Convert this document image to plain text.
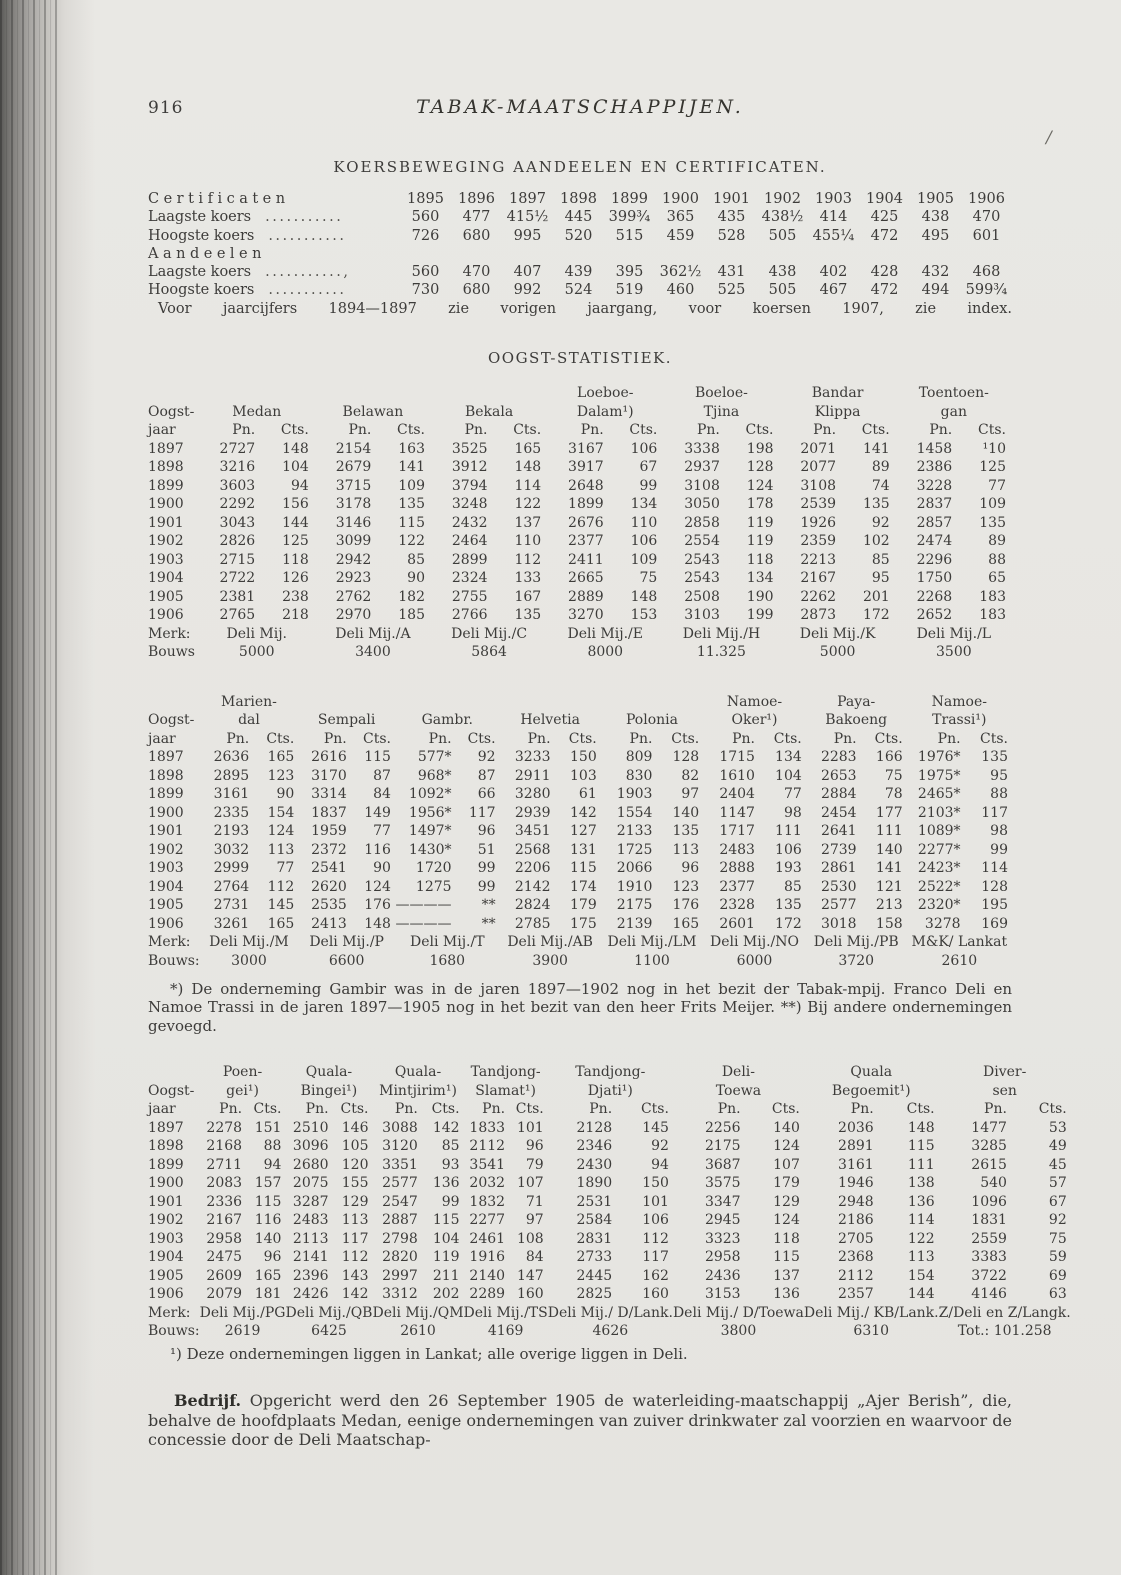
/
916	TABAK-MAATSCHAPPIJEN.
KOERSBEWEGING AANDEELEN EN CERTIFICATEN.
Certificaten	1895	1896	1897	1898	1899	1900	1901	1902	1903	1904	1905	1906
Laagste koers ...........	560	477	415½	445	399¾	365	435	438½	414	425	438	470
Hoogste koers ...........	726	680	995	520	515	459	528	505	455¼	472	495	601
Aandeelen												
Laagste koers ...........,	560	470	407	439	395	362½	431	438	402	428	432	468
Hoogste koers ...........	730	680	992	524	519	460	525	505	467	472	494	599¾
Voor jaarcijfers 1894—1897 zie vorigen jaargang, voor koersen 1907, zie index.
OOGST-STATISTIEK.
							Loeboe-		Boeloe-		Bandar		Toentoen-	
Oogst-	Medan		Belawan		Bekala		Dalam¹)		Tjina		Klippa		gan	
jaar	Pn.	Cts.	Pn.	Cts.	Pn.	Cts.	Pn.	Cts.	Pn.	Cts.	Pn.	Cts.	Pn.	Cts.
1897	2727	148	2154	163	3525	165	3167	106	3338	198	2071	141	1458	¹10
1898	3216	104	2679	141	3912	148	3917	67	2937	128	2077	89	2386	125
1899	3603	94	3715	109	3794	114	2648	99	3108	124	3108	74	3228	77
1900	2292	156	3178	135	3248	122	1899	134	3050	178	2539	135	2837	109
1901	3043	144	3146	115	2432	137	2676	110	2858	119	1926	92	2857	135
1902	2826	125	3099	122	2464	110	2377	106	2554	119	2359	102	2474	89
1903	2715	118	2942	85	2899	112	2411	109	2543	118	2213	85	2296	88
1904	2722	126	2923	90	2324	133	2665	75	2543	134	2167	95	1750	65
1905	2381	238	2762	182	2755	167	2889	148	2508	190	2262	201	2268	183
1906	2765	218	2970	185	2766	135	3270	153	3103	199	2873	172	2652	183
Merk:	Deli Mij.		Deli Mij./A		Deli Mij./C		Deli Mij./E		Deli Mij./H		Deli Mij./K		Deli Mij./L	
Bouws	5000		3400		5864		8000		11.325		5000		3500	
	Marien-										Namoe-		Paya-		Namoe-	
Oogst-	dal		Sempali		Gambr.		Helvetia		Polonia		Oker¹)		Bakoeng		Trassi¹)	
jaar	Pn.	Cts.	Pn.	Cts.	Pn.	Cts.	Pn.	Cts.	Pn.	Cts.	Pn.	Cts.	Pn.	Cts.	Pn.	Cts.
1897	2636	165	2616	115	577*	92	3233	150	809	128	1715	134	2283	166	1976*	135
1898	2895	123	3170	87	968*	87	2911	103	830	82	1610	104	2653	75	1975*	95
1899	3161	90	3314	84	1092*	66	3280	61	1903	97	2404	77	2884	78	2465*	88
1900	2335	154	1837	149	1956*	117	2939	142	1554	140	1147	98	2454	177	2103*	117
1901	2193	124	1959	77	1497*	96	3451	127	2133	135	1717	111	2641	111	1089*	98
1902	3032	113	2372	116	1430*	51	2568	131	1725	113	2483	106	2739	140	2277*	99
1903	2999	77	2541	90	1720	99	2206	115	2066	96	2888	193	2861	141	2423*	114
1904	2764	112	2620	124	1275	99	2142	174	1910	123	2377	85	2530	121	2522*	128
1905	2731	145	2535	176	————	**	2824	179	2175	176	2328	135	2577	213	2320*	195
1906	3261	165	2413	148	————	**	2785	175	2139	165	2601	172	3018	158	3278	169
Merk:	Deli Mij./M		Deli Mij./P		Deli Mij./T		Deli Mij./AB		Deli Mij./LM		Deli Mij./NO		Deli Mij./PB		M&K/ Lankat	
Bouws:	3000		6600		1680		3900		1100		6000		3720		2610	
*) De onderneming Gambir was in de jaren 1897—1902 nog in het bezit der Tabak-mpij. Franco Deli en Namoe Trassi in de jaren 1897—1905 nog in het bezit van den heer Frits Meijer. **) Bij andere ondernemingen gevoegd.
	Poen-		Quala-		Quala-		Tandjong-		Tandjong-		Deli-		Quala		Diver-	
Oogst-	gei¹)		Bingei¹)		Mintjirim¹)		Slamat¹)		Djati¹)		Toewa		Begoemit¹)		sen	
jaar	Pn.	Cts.	Pn.	Cts.	Pn.	Cts.	Pn.	Cts.	Pn.	Cts.	Pn.	Cts.	Pn.	Cts.	Pn.	Cts.
1897	2278	151	2510	146	3088	142	1833	101	2128	145	2256	140	2036	148	1477	53
1898	2168	88	3096	105	3120	85	2112	96	2346	92	2175	124	2891	115	3285	49
1899	2711	94	2680	120	3351	93	3541	79	2430	94	3687	107	3161	111	2615	45
1900	2083	157	2075	155	2577	136	2032	107	1890	150	3575	179	1946	138	540	57
1901	2336	115	3287	129	2547	99	1832	71	2531	101	3347	129	2948	136	1096	67
1902	2167	116	2483	113	2887	115	2277	97	2584	106	2945	124	2186	114	1831	92
1903	2958	140	2113	117	2798	104	2461	108	2831	112	3323	118	2705	122	2559	75
1904	2475	96	2141	112	2820	119	1916	84	2733	117	2958	115	2368	113	3383	59
1905	2609	165	2396	143	2997	211	2140	147	2445	162	2436	137	2112	154	3722	69
1906	2079	181	2426	142	3312	202	2289	160	2825	160	3153	136	2357	144	4146	63
Merk:	Deli Mij./PG		Deli Mij./QB		Deli Mij./QM		Deli Mij./TS		Deli Mij./ D/Lank.		Deli Mij./ D/Toewa		Deli Mij./ KB/Lank.		Z/Deli en Z/Langk.	
Bouws:	2619		6425		2610		4169		4626		3800		6310		Tot.: 101.258	
¹) Deze ondernemingen liggen in Lankat; alle overige liggen in Deli.

Bedrijf. Opgericht werd den 26 September 1905 de waterleiding-maatschappij „Ajer Berish”, die, behalve de hoofdplaats Medan, eenige ondernemingen van zuiver drinkwater zal voorzien en waarvoor de concessie door de Deli Maatschap-
